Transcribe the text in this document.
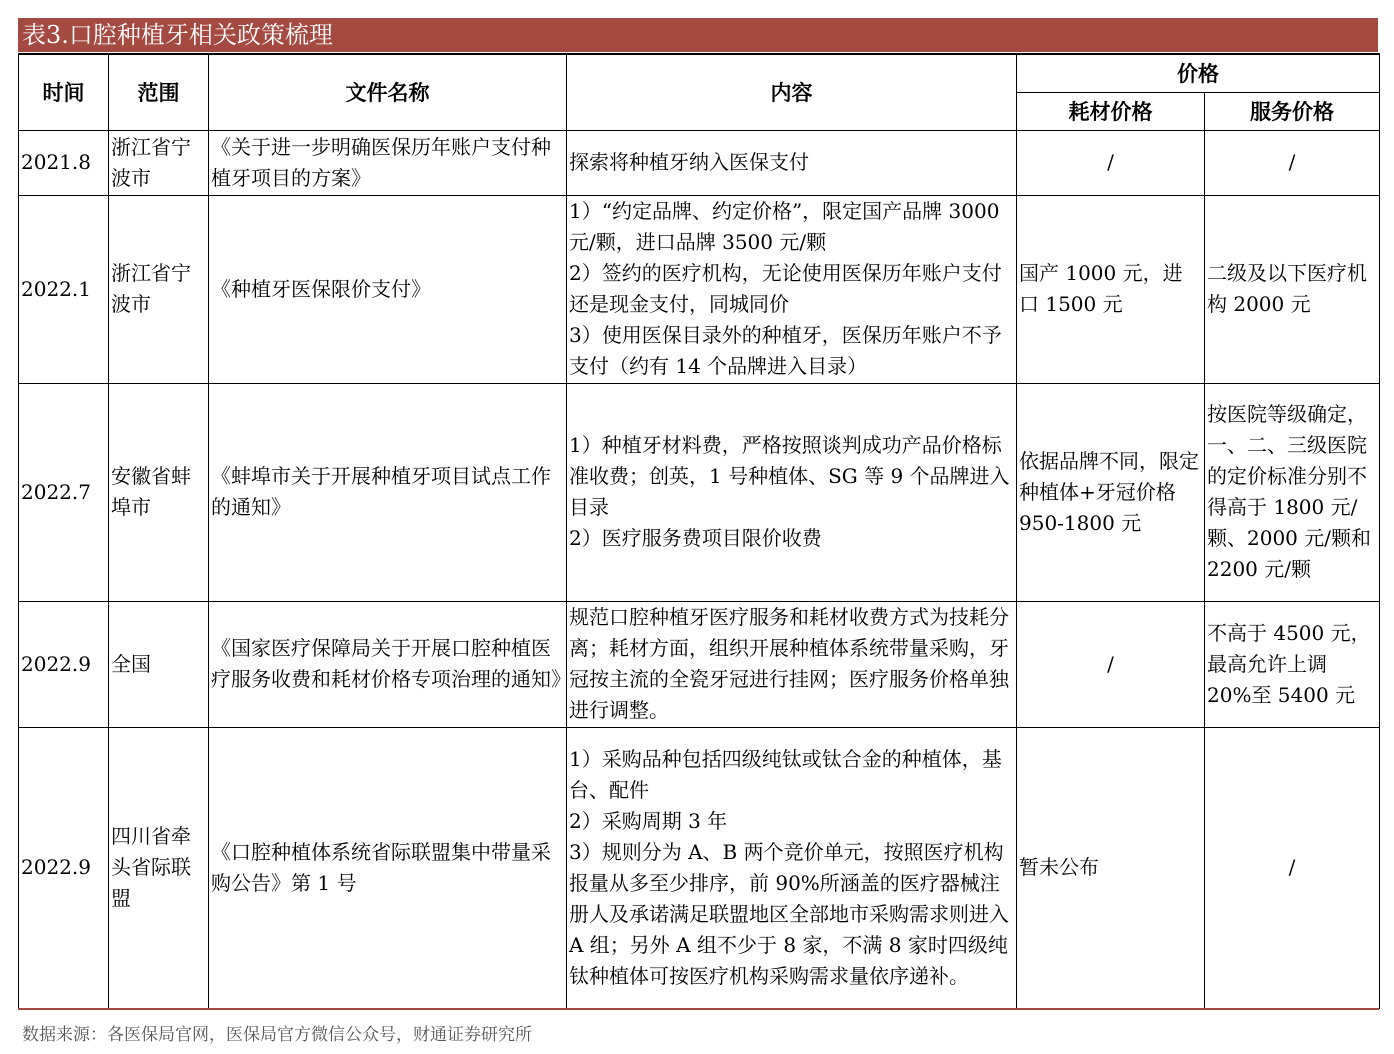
表3.口腔种植牙相关政策梳理
时间	范围	文件名称	内容	价格	
				耗材价格	服务价格
2021.8	浙江省宁波市	《关于进一步明确医保历年账户支付种植牙项目的方案》	探索将种植牙纳入医保支付	/	/
2022.1	浙江省宁波市	《种植牙医保限价支付》	1）“约定品牌、约定价格”，限定国产品牌 3000 元/颗，进口品牌 3500 元/颗
2）签约的医疗机构，无论使用医保历年账户支付还是现金支付，同城同价
3）使用医保目录外的种植牙，医保历年账户不予支付（约有 14 个品牌进入目录）	国产 1000 元，进口 1500 元	二级及以下医疗机构 2000 元
2022.7	安徽省蚌埠市	《蚌埠市关于开展种植牙项目试点工作的通知》	1）种植牙材料费，严格按照谈判成功产品价格标准收费；创英，1 号种植体、SG 等 9 个品牌进入目录
2）医疗服务费项目限价收费	依据品牌不同，限定种植体+牙冠价格 950-1800 元	按医院等级确定，一、二、三级医院的定价标准分别不得高于 1800 元/颗、2000 元/颗和 2200 元/颗
2022.9	全国	《国家医疗保障局关于开展口腔种植医疗服务收费和耗材价格专项治理的通知》	规范口腔种植牙医疗服务和耗材收费方式为技耗分离；耗材方面，组织开展种植体系统带量采购，牙冠按主流的全瓷牙冠进行挂网；医疗服务价格单独进行调整。	/	不高于 4500 元，最高允许上调 20%至 5400 元
2022.9	四川省牵头省际联盟	《口腔种植体系统省际联盟集中带量采购公告》第 1 号	1）采购品种包括四级纯钛或钛合金的种植体，基台、配件
2）采购周期 3 年
3）规则分为 A、B 两个竞价单元，按照医疗机构报量从多至少排序，前 90%所涵盖的医疗器械注册人及承诺满足联盟地区全部地市采购需求则进入 A 组；另外 A 组不少于 8 家，不满 8 家时四级纯钛种植体可按医疗机构采购需求量依序递补。	暂未公布	/
数据来源：各医保局官网，医保局官方微信公众号，财通证券研究所
